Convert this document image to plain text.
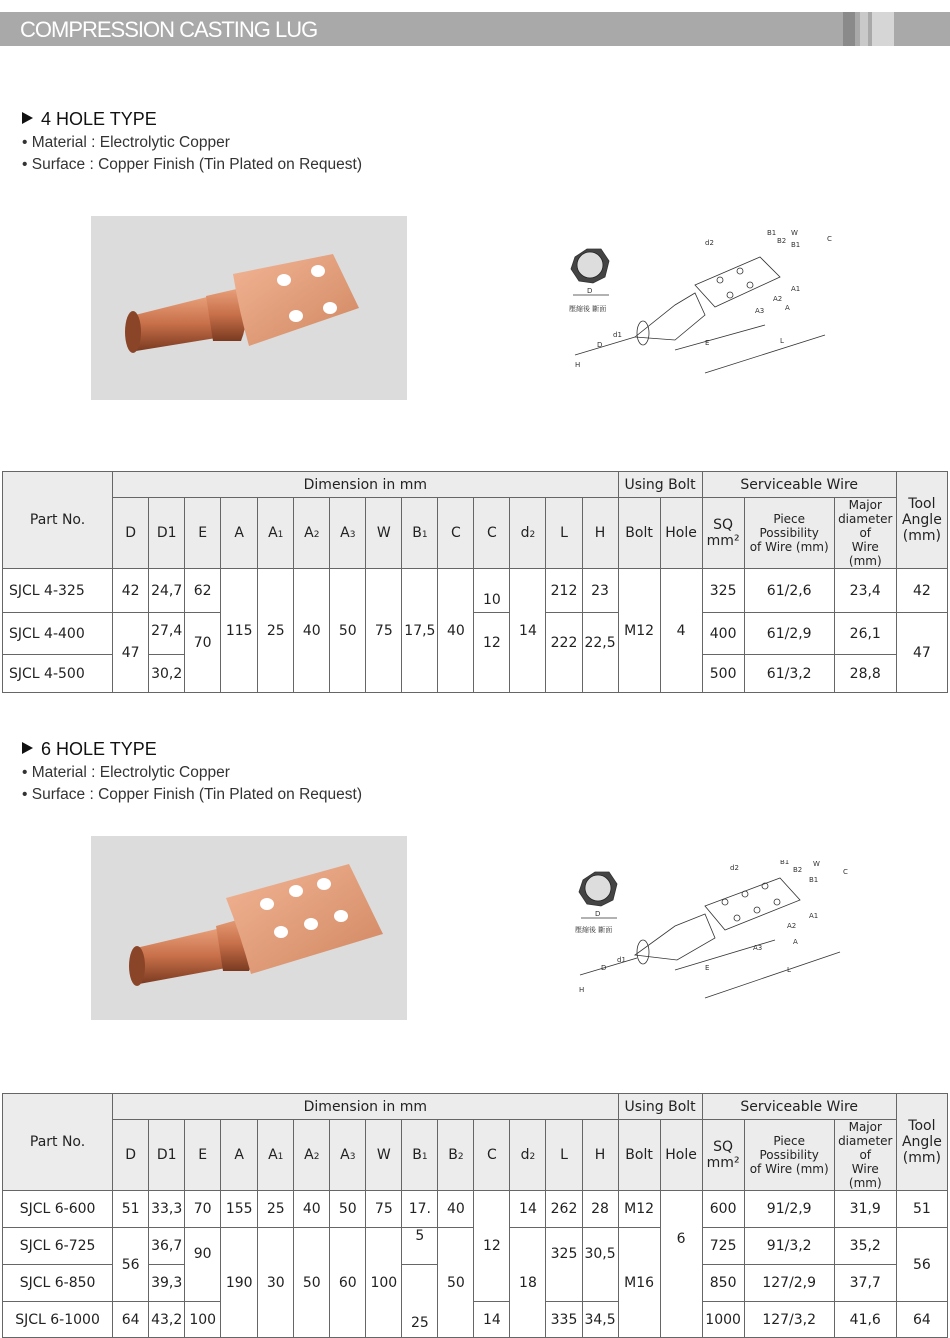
COMPRESSION CASTING LUG
4 HOLE TYPE
• Material : Electrolytic Copper
• Surface : Copper Finish (Tin Plated on Request)
D
壓縮後 斷面
E	L
A
A3
A2
A1
d2
B1
B2 B1
W
C
d1
D
H
Part No.	Dimension in mm														Using Bolt		Serviceable Wire			Tool
Angle
(mm)
	D	D1	E	A	A1	A2	A3	W	B1	C	C	d2	L	H	Bolt	Hole	SQ
mm²	Piece Possibility
of Wire (mm)	Major
diameter of
Wire (mm)	
SJCL 4-325	42	24,7	62	115	25	40	50	75	17,5	40	10	14	212	23	M12	4	325	61/2,6	23,4	42
SJCL 4-400	47	27,4	70								12		222	22,5			400	61/2,9	26,1	47
SJCL 4-500		30,2															500	61/3,2	28,8	
6 HOLE TYPE
• Material : Electrolytic Copper
• Surface : Copper Finish (Tin Plated on Request)
D
壓縮後 斷面
E	L
A
A3
A2
A1
d2
B1
B2
B1
W
C
d1
D
H
Part No.	Dimension in mm														Using Bolt		Serviceable Wire			Tool
Angle
(mm)
	D	D1	E	A	A1	A2	A3	W	B1	B2	C	d2	L	H	Bolt	Hole	SQ
mm²	Piece Possibility
of Wire (mm)	Major
diameter of
Wire (mm)	
SJCL 6-600	51	33,3	70	155	25	40	50	75	17.	40	12	14	262	28	M12	6	600	91/2,9	31,9	51
SJCL 6-725	56	36,7	90	190	30	50	60	100	5	50		18	325	30,5	M16		725	91/3,2	35,2	56
SJCL 6-850		39,3							25								850	127/2,9	37,7	
SJCL 6-1000	64	43,2	100								14		335	34,5			1000	127/3,2	41,6	64
